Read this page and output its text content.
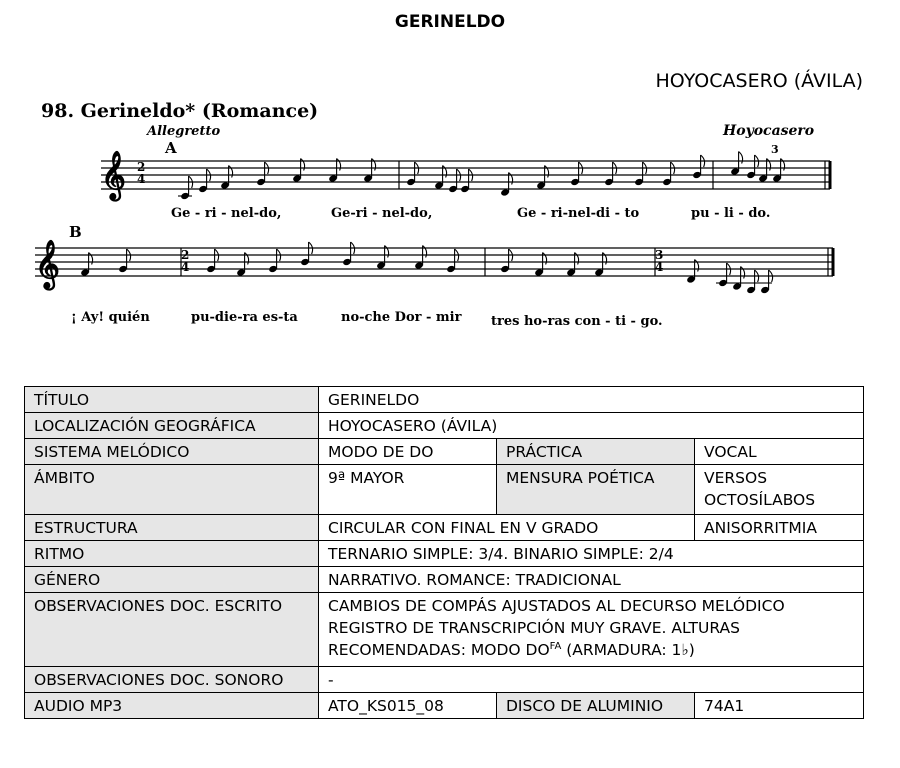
GERINELDO
HOYOCASERO (ÁVILA)
98. Gerineldo* (Romance)
Allegretto	Hoyocasero
A
B
𝄞 2
4
3
Ge - ri - nel-do,	Ge-ri - nel-do,	Ge - ri-nel-di - to	pu - li - do.
𝄞	2
4
3
4
¡ Ay! quién	pu-die-ra es-ta	no-che Dor - mir tres ho-ras con - ti - go.
TÍTULO	GERINELDO		
LOCALIZACIÓN GEOGRÁFICA	HOYOCASERO (ÁVILA)		
SISTEMA MELÓDICO	MODO DE DO	PRÁCTICA	VOCAL
ÁMBITO	9ª MAYOR	MENSURA POÉTICA	VERSOS
OCTOSÍLABOS

ESTRUCTURA	CIRCULAR CON FINAL EN V GRADO		ANISORRITMIA
RITMO	TERNARIO SIMPLE: 3/4. BINARIO SIMPLE: 2/4		
GÉNERO	NARRATIVO. ROMANCE: TRADICIONAL		
OBSERVACIONES DOC. ESCRITO	CAMBIOS DE COMPÁS AJUSTADOS AL DECURSO MELÓDICO
REGISTRO DE TRANSCRIPCIÓN MUY GRAVE. ALTURAS
RECOMENDADAS: MODO $DO^{FA}$ (ARMADURA: 1♭)		

OBSERVACIONES DOC. SONORO	-		
AUDIO MP3	ATO_KS015_08	DISCO DE ALUMINIO	74A1
